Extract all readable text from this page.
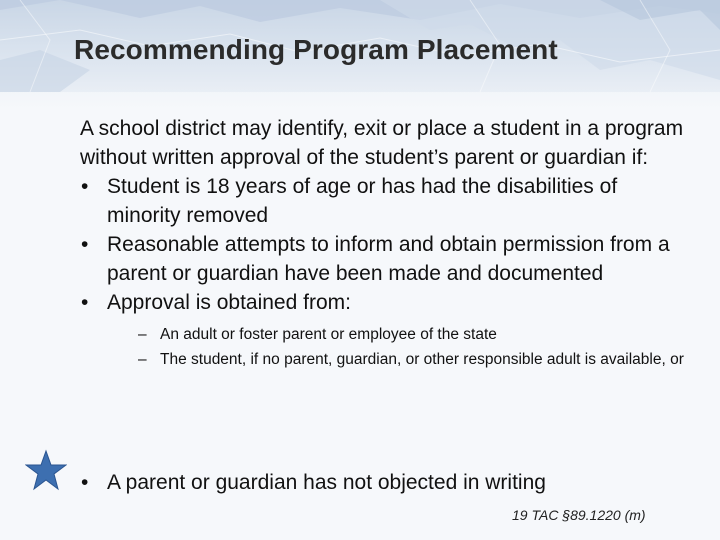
Recommending Program Placement

A school district may identify, exit or place a student in a program without written approval of the student’s parent or guardian if:

• Student is 18 years of age or has had the disabilities of minority removed
• Reasonable attempts to inform and obtain permission from a parent or guardian have been made and documented
• Approval is obtained from:
– An adult or foster parent or employee of the state
– The student, if no parent, guardian, or other responsible adult is available, or
• A parent or guardian has not objected in writing
19 TAC §89.1220 (m)
